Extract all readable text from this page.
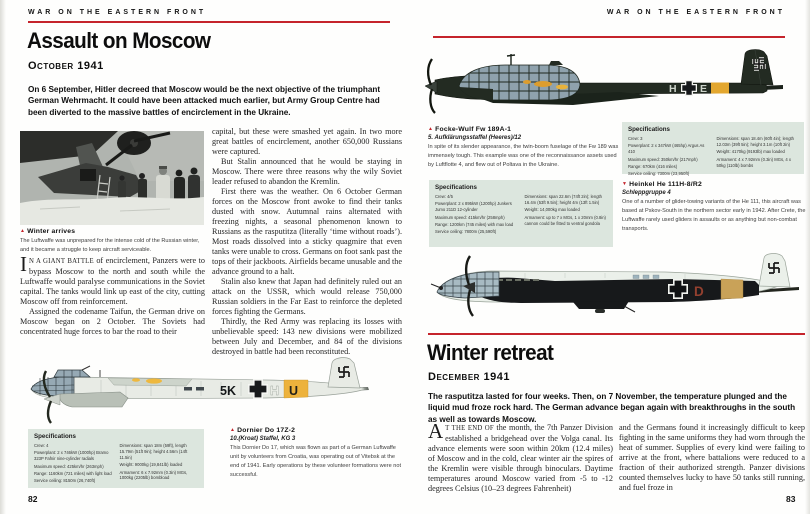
WAR ON THE EASTERN FRONT
Assault on Moscow
October 1941

On 6 September, Hitler decreed that Moscow would be the next objective of the triumphant German Wehrmacht. It could have been attacked much earlier, but Army Group Centre had been diverted to the massive battles of encirclement in the Ukraine.

▲ Winter arrives

The Luftwaffe was unprepared for the intense cold of the Russian winter, and it became a struggle to keep aircraft serviceable.

I N A GIANT BATTLE of encirclement, Panzers were to bypass Moscow to the north and south while the Luftwaffe would paralyse communications in the Soviet capital. The tanks would link up east of the city, cutting Moscow off from reinforcement.

Assigned the codename Taifun, the German drive on Moscow began on 2 October. The Soviets had concentrated huge forces to bar the road to their

capital, but these were smashed yet again. In two more great battles of encirclement, another 650,000 Russians were captured.

But Stalin announced that he would be staying in Moscow. There were three reasons why the wily Soviet leader refused to abandon the Kremlin.

First there was the weather. On 6 October German forces on the Moscow front awoke to find their tanks dusted with snow. Autumnal rains alternated with freezing nights, a seasonal phenomenon known to Russians as the rasputitza (literally ‘time without roads’). Most roads dissolved into a sticky quagmire that even tanks were unable to cross. Germans on foot sank past the tops of their jackboots. Airfields became unusable and the advance ground to a halt.

Stalin also knew that Japan had definitely ruled out an attack on the USSR, which would release 750,000 Russian soldiers in the Far East to reinforce the depleted forces fighting the Germans.

Thirdly, the Red Army was replacing its losses with unbelievable speed: 143 new divisions were mobilized between July and December, and 84 of the divisions destroyed in battle had been reconstituted.

5K	H U
Specifications

Crew: 4

Powerplant: 2 x 746kW (1000hp) Bramo 323P Fafnir nine-cylinder radials

Maximum speed: 425km/hr (263mph)

Range: 1160km (721 miles) with light load

Service ceiling: 8150m (26,740ft)

Dimensions: span 18m (59ft), length 15.79m (51ft 9in); height 4.56m (14ft 11.5in)

Weight: 9000kg (19,841lb) loaded

Armament: 6 x 7.92mm (0.3in) MGs, 1000kg (2205lb) bombload

▲ Dornier Do 17Z-2
10.(Kroat) Staffel, KG 3

This Dornier Do 17, which was flown as part of a German Luftwaffe unit by volunteers from Croatia, was operating out of Vitebsk at the end of 1941. Early operations by these volunteer formations were not successful.

82
WAR ON THE EASTERN FRONT
H E
▲ Focke-Wulf Fw 189A-1
5. Aufklärungsstaffel (Heeres)/12

In spite of its slender appearance, the twin-boom fuselage of the Fw 189 was immensely tough. This example was one of the reconnaissance assets used by Luftflotte 4, and flew out of Poltava in the Ukraine.

Specifications

Crew: 3

Powerplant: 2 x 347kW (465hp) Argus As 410

Maximum speed: 350km/hr (217mph)

Range: 670km (416 miles)

Service ceiling: 7300m (23,950ft)

Dimensions: span 18.4m (60ft 4in); length 12.03m (39ft 5in); height 3.1m (10ft 2in)

Weight: 4170kg (9193lb) max loaded

Armament: 4 x 7.92mm (0.3in) MGs, 4 x 50kg (110lb) bombs

Specifications

Crew: 4/5

Powerplant: 2 x 895kW (1200hp) Junkers Jumo 211D 12-cylinder

Maximum speed: 415km/hr (258mph)

Range: 1200km (745 miles) with max load

Service ceiling: 7800m (25,590ft)

Dimensions: span 22.6m (74ft 2in); length 16.4m (53ft 9.5in); height 4m (13ft 1.5in)

Weight: 14,000kg max loaded

Armament: up to 7 x MGs, 1 x 20mm (0.8in) cannon could be fitted to ventral gondola

▼ Heinkel He 111H-8/R2
Schleppgruppe 4

One of a number of glider-towing variants of the He 111, this aircraft was based at Pskov-South in the northern sector early in 1942. After Crete, the Luftwaffe rarely used gliders in assaults or as anything but non-combat transports.

D
Winter retreat
December 1941

The rasputitza lasted for four weeks. Then, on 7 November, the temperature plunged and the liquid mud froze rock hard. The German advance began again with breakthroughs in the south as well as towards Moscow.

A T THE END OF the month, the 7th Panzer Division established a bridgehead over the Volga canal. Its advance elements were soon within 20km (12.4 miles) of Moscow and in the cold, clear winter air the spires of the Kremlin were visible through binoculars. Daytime temperatures around Moscow varied from -5 to -12 degrees Celsius (10–23 degrees Fahrenheit)

and the Germans found it increasingly difficult to keep fighting in the same uniforms they had worn through the heat of summer. Supplies of every kind were failing to arrive at the front, where battalions were reduced to a fraction of their authorized strength. Panzer divisions counted themselves lucky to have 50 tanks still running, and fuel froze in

83
